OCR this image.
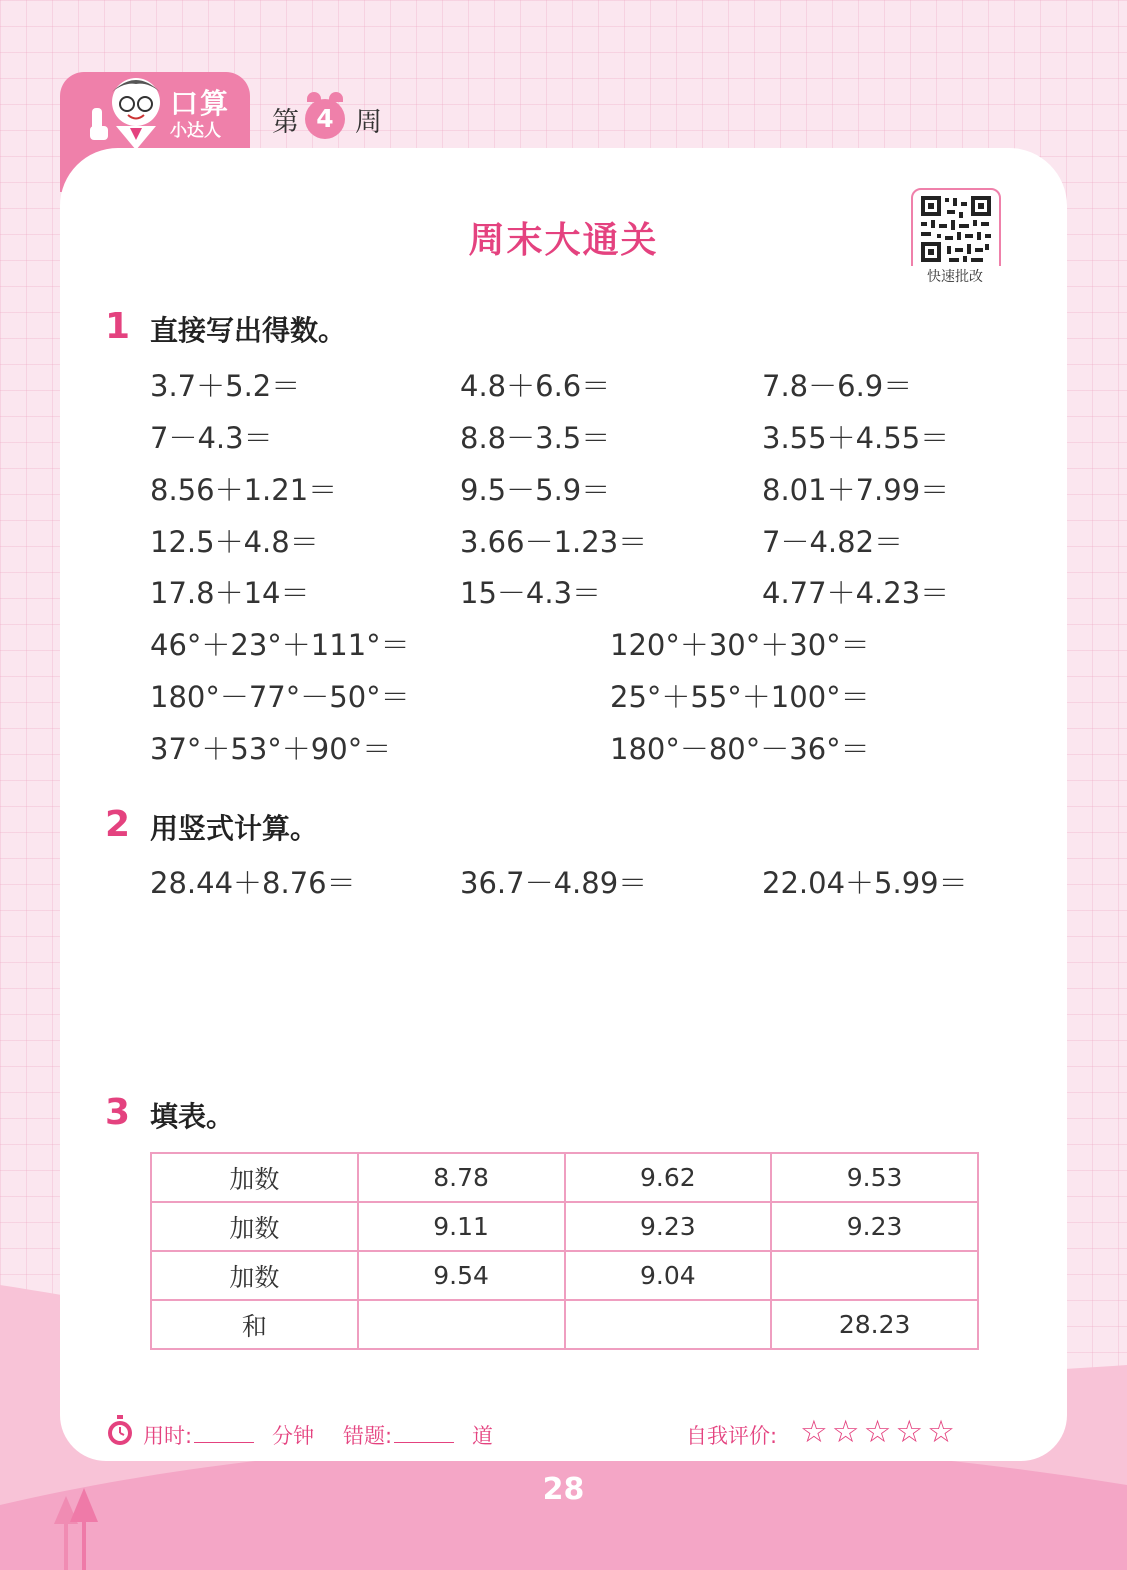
口算
小达人 第 4 周
周末大通关
快速批改
1 直接写出得数。
3.7＋5.2＝	4.8＋6.6＝	7.8－6.9＝
7－4.3＝	8.8－3.5＝	3.55＋4.55＝
8.56＋1.21＝	9.5－5.9＝	8.01＋7.99＝
12.5＋4.8＝	3.66－1.23＝	7－4.82＝
17.8＋14＝	15－4.3＝	4.77＋4.23＝
46°＋23°＋111°＝	120°＋30°＋30°＝
180°－77°－50°＝	25°＋55°＋100°＝
37°＋53°＋90°＝	180°－80°－36°＝
2 用竖式计算。
28.44＋8.76＝	36.7－4.89＝	22.04＋5.99＝
3 填表。
加数	8.78	9.62	9.53
加数	9.11	9.23	9.23
加数	9.54	9.04	
和			28.23
用时:	分钟 错题:	道	自我评价: ☆☆☆☆☆
28
